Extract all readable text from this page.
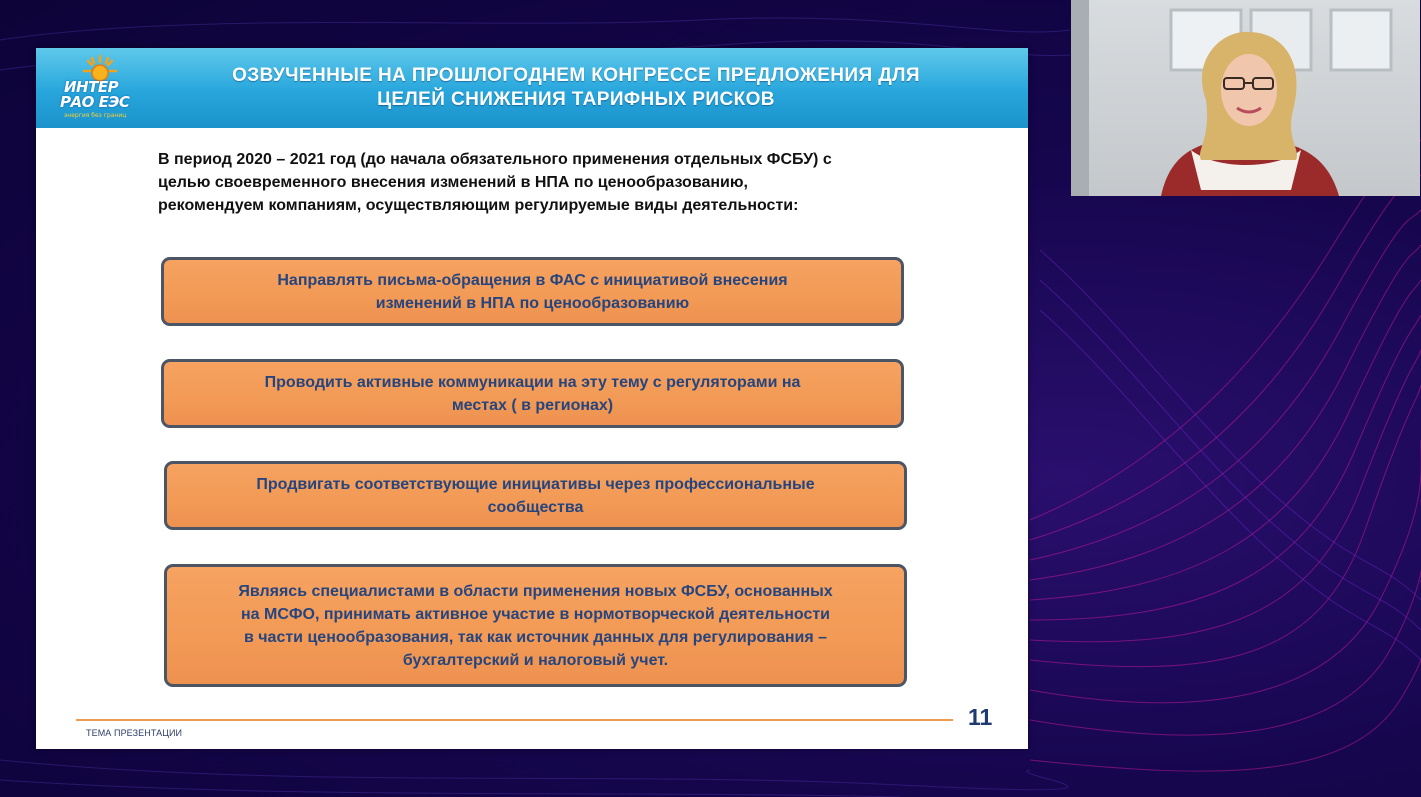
ИНТЕР
РАО ЕЭС
энергия без границ
ОЗВУЧЕННЫЕ НА ПРОШЛОГОДНЕМ КОНГРЕССЕ ПРЕДЛОЖЕНИЯ ДЛЯ
ЦЕЛЕЙ СНИЖЕНИЯ ТАРИФНЫХ РИСКОВ
В период 2020 – 2021 год (до начала обязательного применения отдельных ФСБУ) с
целью своевременного внесения изменений в НПА по ценообразованию,
рекомендуем компаниям, осуществляющим регулируемые виды деятельности:
Направлять письма-обращения в ФАС с инициативой внесения
изменений в НПА по ценообразованию
Проводить активные коммуникации на эту тему с регуляторами на
местах ( в регионах)
Продвигать соответствующие инициативы через профессиональные
сообщества
Являясь специалистами в области применения новых ФСБУ, основанных
на МСФО, принимать активное участие в нормотворческой деятельности
в части ценообразования, так как источник данных для регулирования –
бухгалтерский и налоговый учет.
ТЕМА ПРЕЗЕНТАЦИИ
11
